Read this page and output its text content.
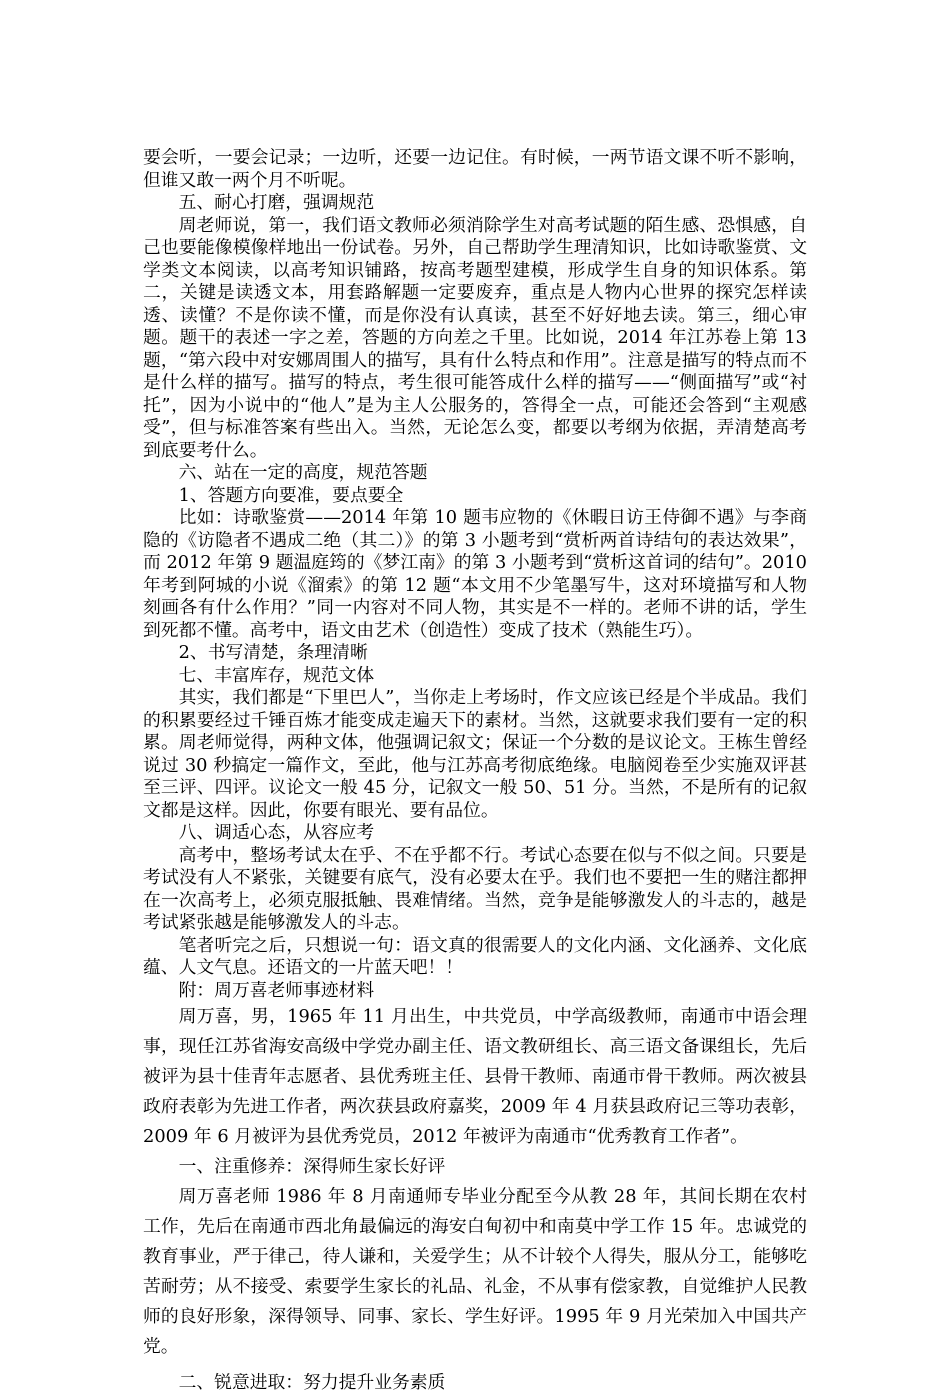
要会听，一要会记录；一边听，还要一边记住。有时候，一两节语文课不听不影响，但谁又敢一两个月不听呢。

五、耐心打磨，强调规范

周老师说，第一，我们语文教师必须消除学生对高考试题的陌生感、恐惧感，自己也要能像模像样地出一份试卷。另外，自己帮助学生理清知识，比如诗歌鉴赏、文学类文本阅读，以高考知识铺路，按高考题型建模，形成学生自身的知识体系。第二，关键是读透文本，用套路解题一定要废弃，重点是人物内心世界的探究怎样读透、读懂？不是你读不懂，而是你没有认真读，甚至不好好地去读。第三，细心审题。题干的表述一字之差，答题的方向差之千里。比如说，2014 年江苏卷上第 13 题，“第六段中对安娜周围人的描写，具有什么特点和作用”。注意是描写的特点而不是什么样的描写。描写的特点，考生很可能答成什么样的描写——“侧面描写”或“衬托”，因为小说中的“他人”是为主人公服务的，答得全一点，可能还会答到“主观感受”，但与标准答案有些出入。当然，无论怎么变，都要以考纲为依据，弄清楚高考到底要考什么。

六、站在一定的高度，规范答题

1、答题方向要准，要点要全

比如：诗歌鉴赏——2014 年第 10 题韦应物的《休暇日访王侍御不遇》与李商隐的《访隐者不遇成二绝（其二）》的第 3 小题考到“赏析两首诗结句的表达效果”，而 2012 年第 9 题温庭筠的《梦江南》的第 3 小题考到“赏析这首词的结句”。2010 年考到阿城的小说《溜索》的第 12 题“本文用不少笔墨写牛，这对环境描写和人物刻画各有什么作用？”同一内容对不同人物，其实是不一样的。老师不讲的话，学生到死都不懂。高考中，语文由艺术（创造性）变成了技术（熟能生巧）。

2、书写清楚，条理清晰

七、丰富库存，规范文体

其实，我们都是“下里巴人”，当你走上考场时，作文应该已经是个半成品。我们的积累要经过千锤百炼才能变成走遍天下的素材。当然，这就要求我们要有一定的积累。周老师觉得，两种文体，他强调记叙文；保证一个分数的是议论文。王栋生曾经说过 30 秒搞定一篇作文，至此，他与江苏高考彻底绝缘。电脑阅卷至少实施双评甚至三评、四评。议论文一般 45 分，记叙文一般 50、51 分。当然，不是所有的记叙文都是这样。因此，你要有眼光、要有品位。

八、调适心态，从容应考

高考中，整场考试太在乎、不在乎都不行。考试心态要在似与不似之间。只要是考试没有人不紧张，关键要有底气，没有必要太在乎。我们也不要把一生的赌注都押在一次高考上，必须克服抵触、畏难情绪。当然，竞争是能够激发人的斗志的，越是考试紧张越是能够激发人的斗志。

笔者听完之后，只想说一句：语文真的很需要人的文化内涵、文化涵养、文化底蕴、人文气息。还语文的一片蓝天吧！！

附：周万喜老师事迹材料

周万喜，男，1965 年 11 月出生，中共党员，中学高级教师，南通市中语会理事，现任江苏省海安高级中学党办副主任、语文教研组长、高三语文备课组长，先后被评为县十佳青年志愿者、县优秀班主任、县骨干教师、南通市骨干教师。两次被县政府表彰为先进工作者，两次获县政府嘉奖，2009 年 4 月获县政府记三等功表彰，2009 年 6 月被评为县优秀党员，2012 年被评为南通市“优秀教育工作者”。

一、注重修养：深得师生家长好评

周万喜老师 1986 年 8 月南通师专毕业分配至今从教 28 年，其间长期在农村工作，先后在南通市西北角最偏远的海安白甸初中和南莫中学工作 15 年。忠诚党的教育事业，严于律己，待人谦和，关爱学生；从不计较个人得失，服从分工，能够吃苦耐劳；从不接受、索要学生家长的礼品、礼金，不从事有偿家教，自觉维护人民教师的良好形象，深得领导、同事、家长、学生好评。1995 年 9 月光荣加入中国共产党。

二、锐意进取：努力提升业务素质
